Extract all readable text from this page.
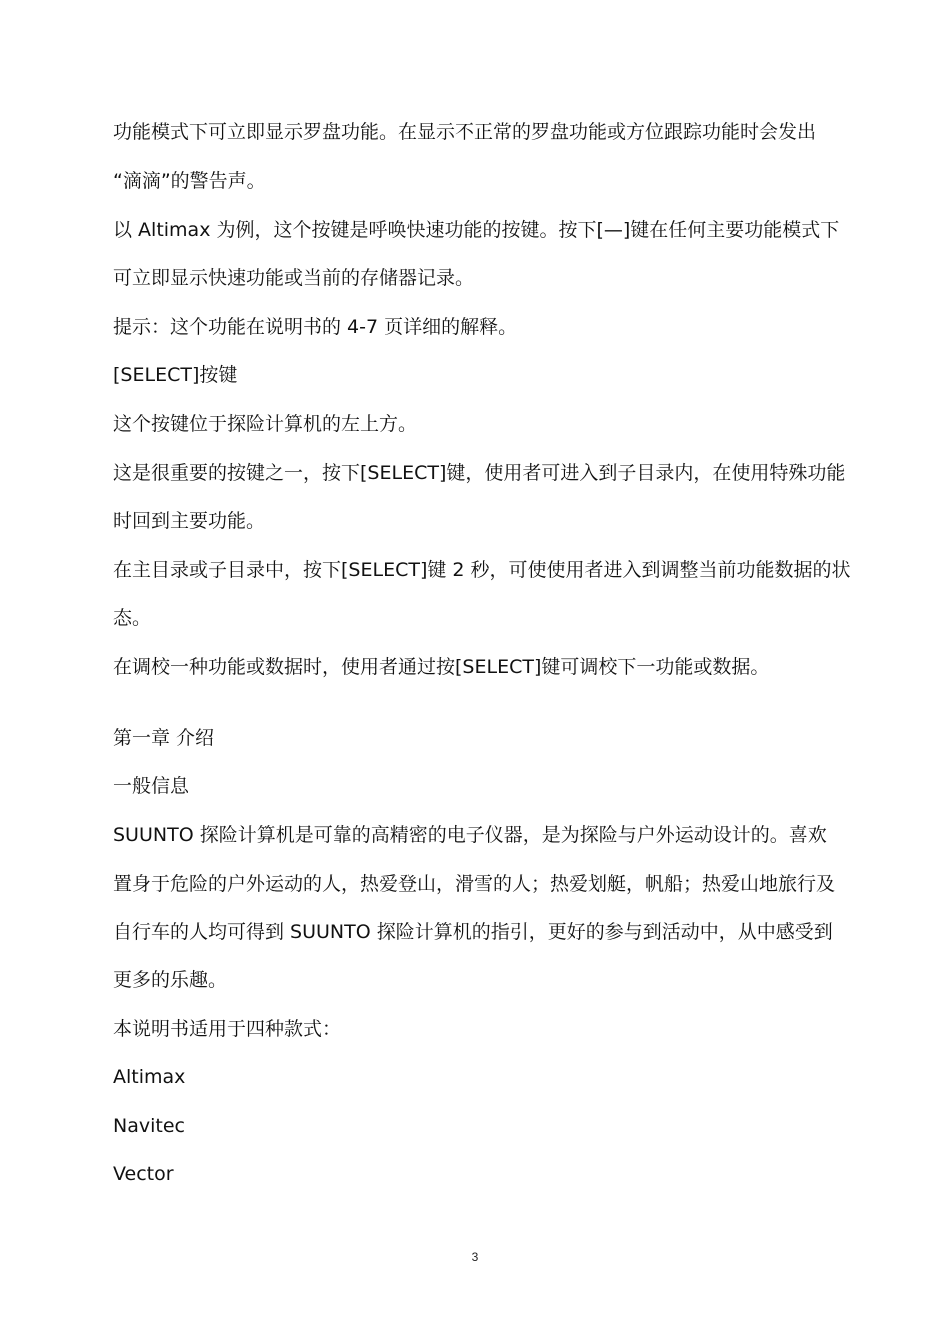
功能模式下可立即显示罗盘功能。在显示不正常的罗盘功能或方位跟踪功能时会发出
“滴滴”的警告声。
以 Altimax 为例，这个按键是呼唤快速功能的按键。按下[—]键在任何主要功能模式下
可立即显示快速功能或当前的存储器记录。
提示：这个功能在说明书的 4-7 页详细的解释。
[SELECT]按键
这个按键位于探险计算机的左上方。
这是很重要的按键之一，按下[SELECT]键，使用者可进入到子目录内，在使用特殊功能
时回到主要功能。
在主目录或子目录中，按下[SELECT]键 2 秒，可使使用者进入到调整当前功能数据的状
态。
在调校一种功能或数据时，使用者通过按[SELECT]键可调校下一功能或数据。
第一章 介绍
一般信息
SUUNTO 探险计算机是可靠的高精密的电子仪器，是为探险与户外运动设计的。喜欢
置身于危险的户外运动的人，热爱登山，滑雪的人；热爱划艇，帆船；热爱山地旅行及
自行车的人均可得到 SUUNTO 探险计算机的指引，更好的参与到活动中，从中感受到
更多的乐趣。
本说明书适用于四种款式：
Altimax
Navitec
Vector
3
